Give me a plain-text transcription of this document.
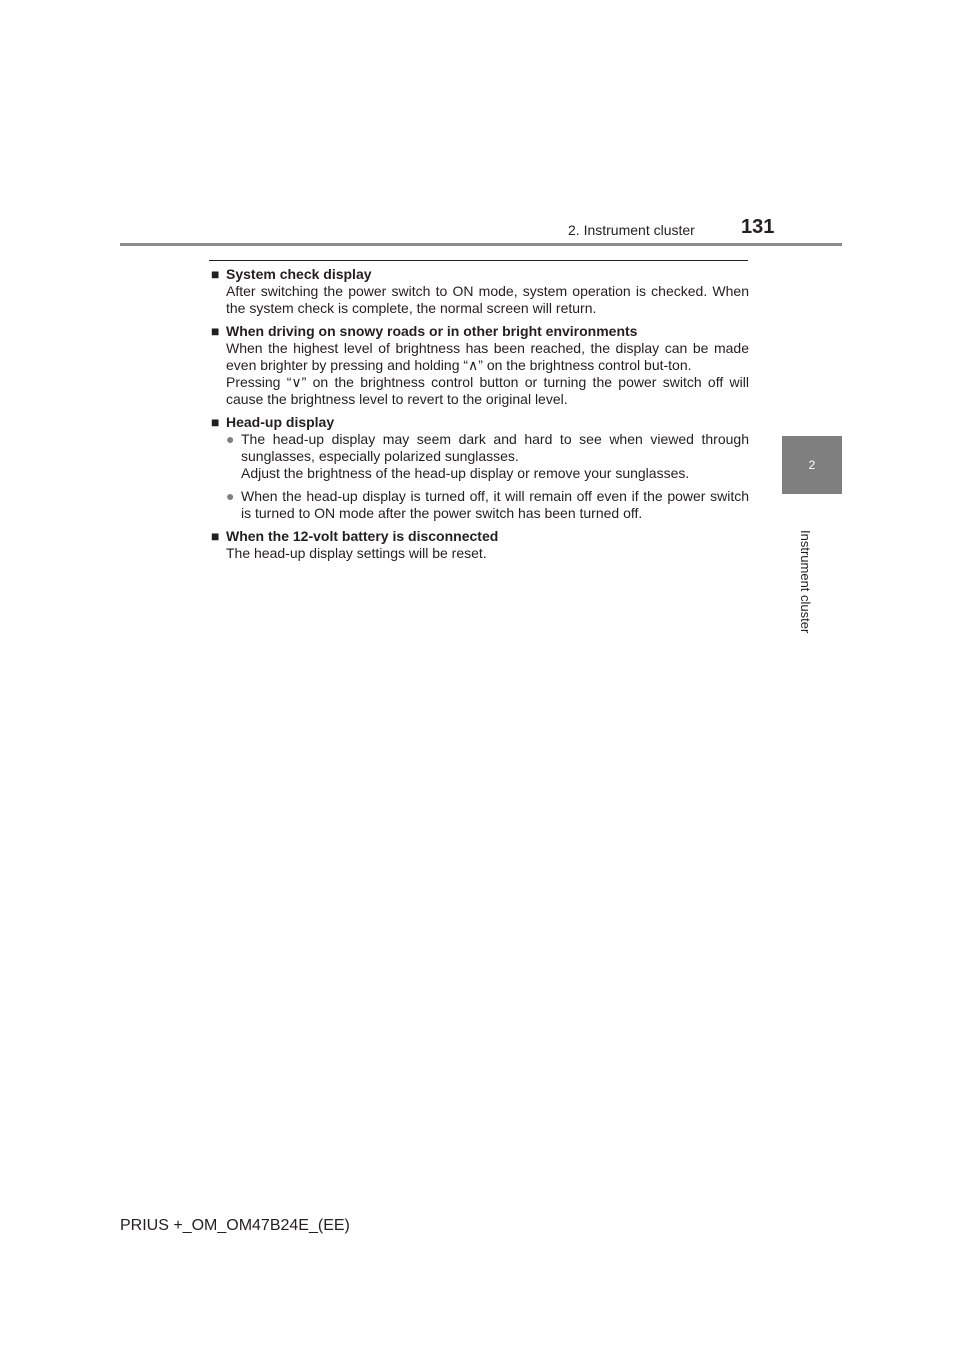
2. Instrument cluster 131
2
Instrument cluster
■ System check display
After switching the power switch to ON mode, system operation is checked. When the system check is complete, the normal screen will return.
■ When driving on snowy roads or in other bright environments
When the highest level of brightness has been reached, the display can be made even brighter by pressing and holding “∧” on the brightness control but-ton.
Pressing “∨” on the brightness control button or turning the power switch off will cause the brightness level to revert to the original level.
■ Head-up display
● The head-up display may seem dark and hard to see when viewed through sunglasses, especially polarized sunglasses.
Adjust the brightness of the head-up display or remove your sunglasses.
● When the head-up display is turned off, it will remain off even if the power switch is turned to ON mode after the power switch has been turned off.
■ When the 12-volt battery is disconnected
The head-up display settings will be reset.
PRIUS +_OM_OM47B24E_(EE)
